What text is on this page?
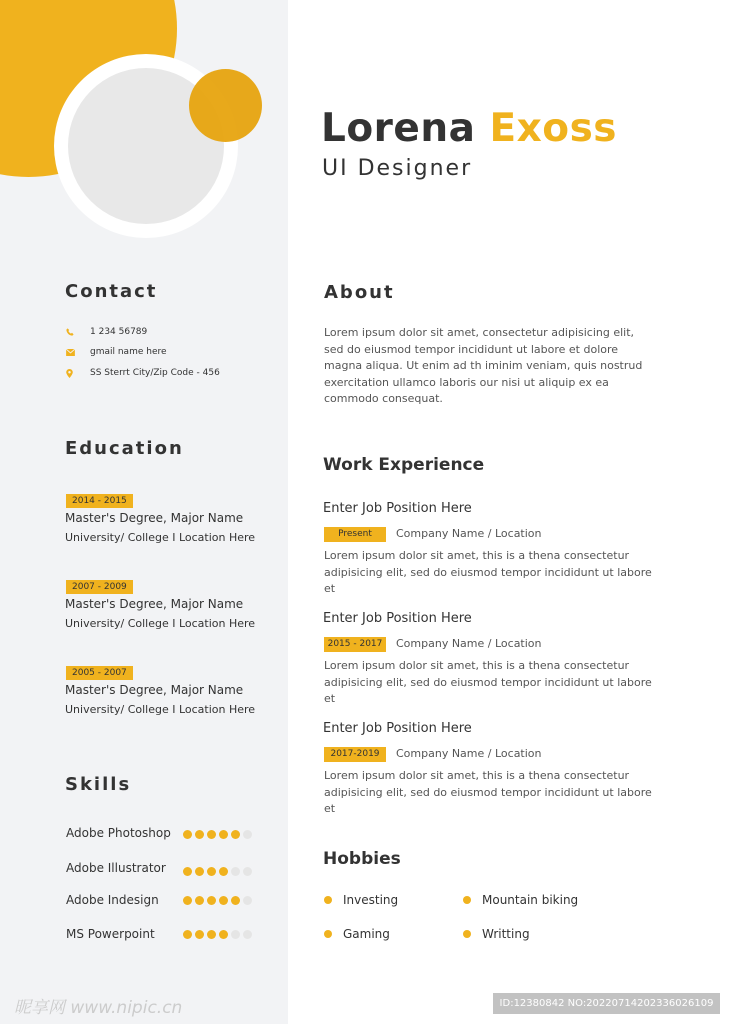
Contact
1 234 56789
gmail name here
SS Sterrt City/Zip Code - 456
Education
2014 - 2015
Master's Degree, Major Name
University/ College I Location Here
2007 - 2009
Master's Degree, Major Name
University/ College I Location Here
2005 - 2007
Master's Degree, Major Name
University/ College I Location Here
Skills
Adobe Photoshop
Adobe Illustrator
Adobe Indesign
MS Powerpoint
Lorena Exoss
UI Designer
About
Lorem ipsum dolor sit amet, consectetur adipisicing elit, sed do eiusmod tempor incididunt ut labore et dolore magna aliqua. Ut enim ad th iminim veniam, quis nostrud exercitation ullamco laboris our nisi ut aliquip ex ea commodo consequat.
Work Experience
Enter Job Position Here
Present	Company Name / Location
Lorem ipsum dolor sit amet, this is a thena consectetur adipisicing elit, sed do eiusmod tempor incididunt ut labore et
Enter Job Position Here
2015 - 2017	Company Name / Location
Lorem ipsum dolor sit amet, this is a thena consectetur adipisicing elit, sed do eiusmod tempor incididunt ut labore et
Enter Job Position Here
2017-2019	Company Name / Location
Lorem ipsum dolor sit amet, this is a thena consectetur adipisicing elit, sed do eiusmod tempor incididunt ut labore et
Hobbies
Investing	Mountain biking
Gaming	Writting
昵享网 www.nipic.cn	ID:12380842 NO:20220714202336026109
